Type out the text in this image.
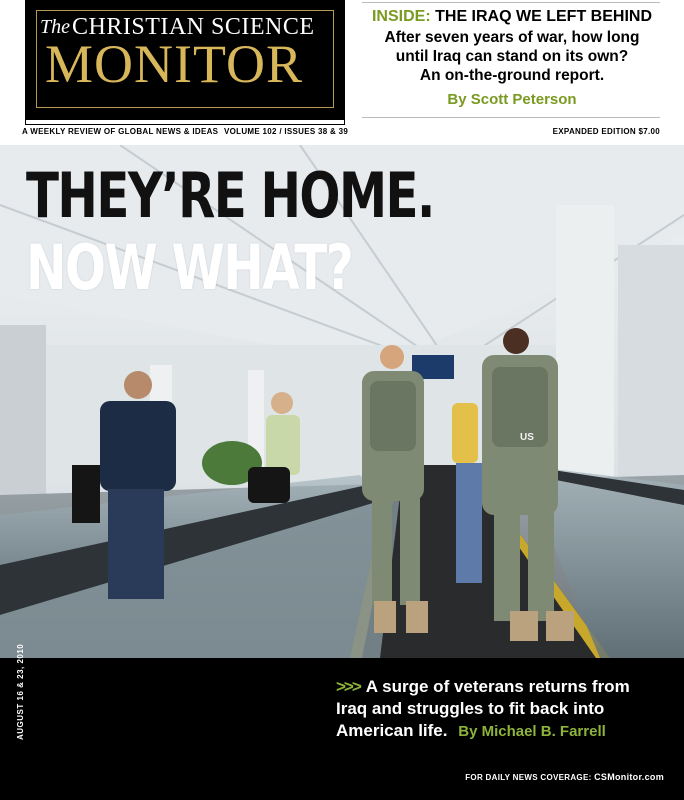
The CHRISTIAN SCIENCE
MONITOR
INSIDE: THE IRAQ WE LEFT BEHIND
After seven years of war, how long
until Iraq can stand on its own?
An on-the-ground report.
By Scott Peterson
A WEEKLY REVIEW OF GLOBAL NEWS & IDEAS VOLUME 102 / ISSUES 38 & 39	EXPANDED EDITION $7.00
US
THEY’RE HOME.
NOW WHAT?
AUGUST 16 & 23, 2010	>>> A surge of veterans returns from
Iraq and struggles to fit back into
American life. By Michael B. Farrell
FOR DAILY NEWS COVERAGE: CSMonitor.com
